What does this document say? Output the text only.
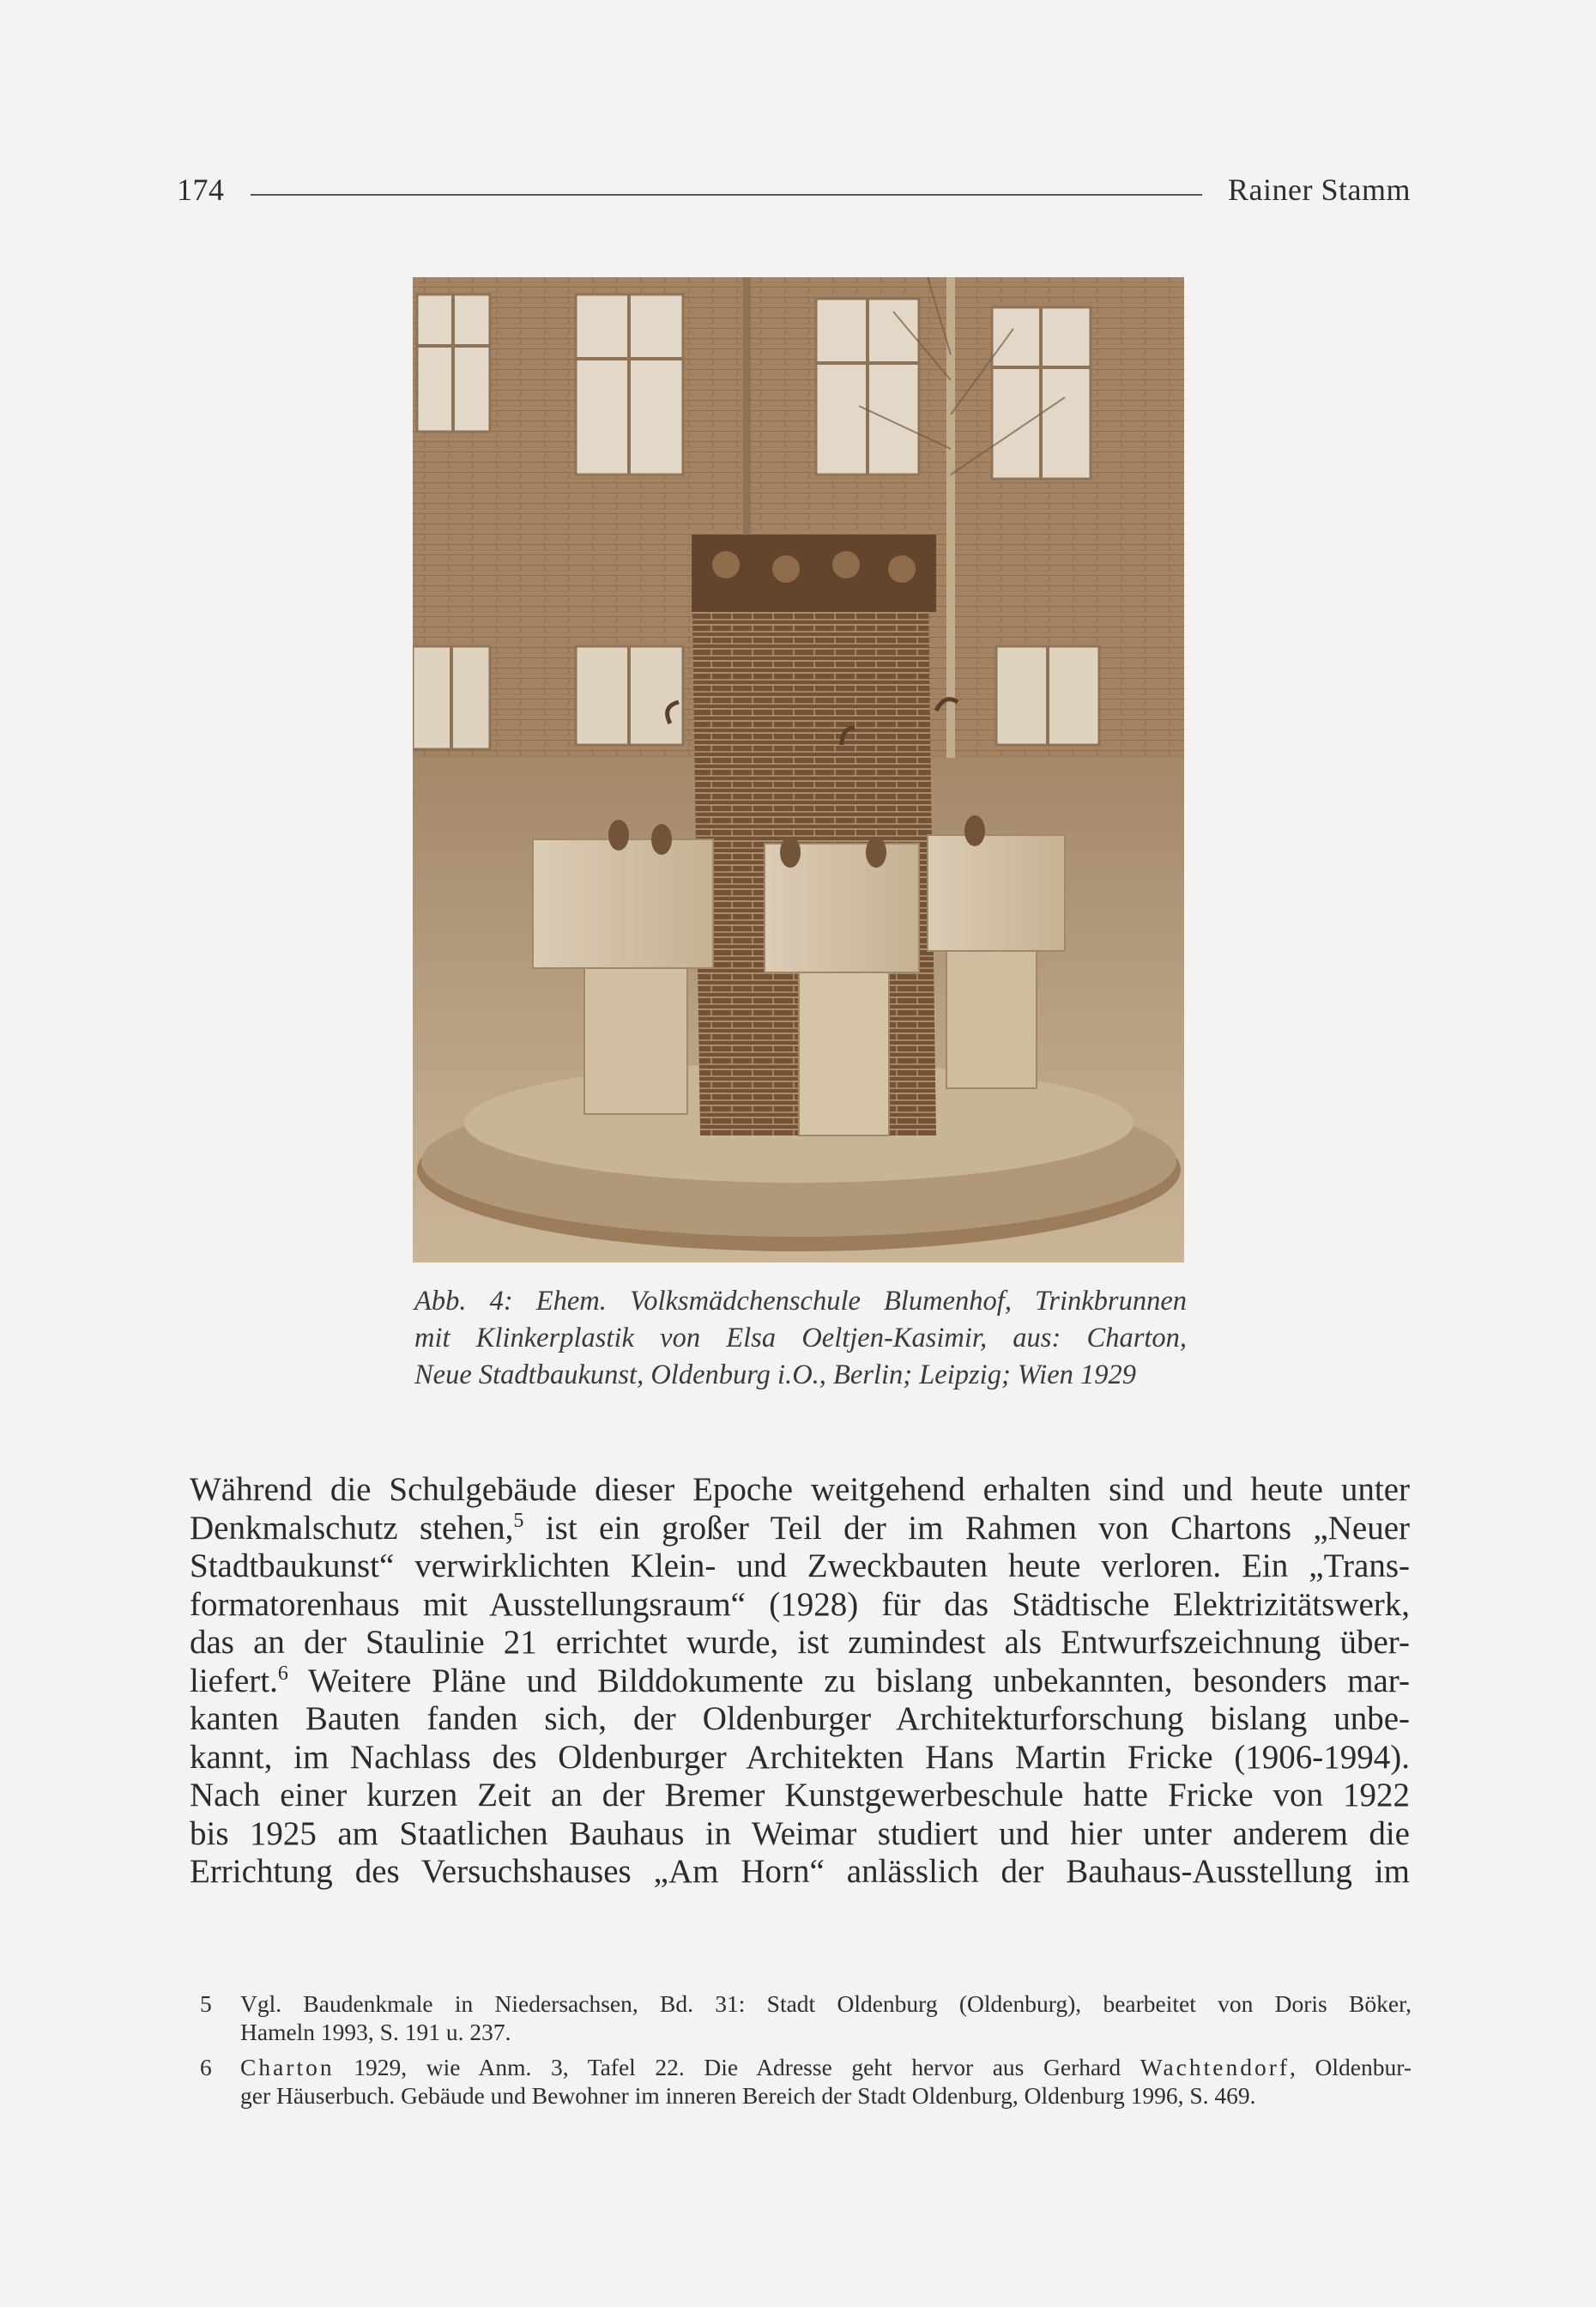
174	Rainer Stamm
Abb. 4: Ehem. Volksmädchenschule Blumenhof, Trinkbrunnen
mit Klinkerplastik von Elsa Oeltjen-Kasimir, aus: Charton,
Neue Stadtbaukunst, Oldenburg i.O., Berlin; Leipzig; Wien 1929
Während die Schulgebäude dieser Epoche weitgehend erhalten sind und heute unter
Denkmalschutz stehen,$^5$ ist ein großer Teil der im Rahmen von Chartons „Neuer
Stadtbaukunst“ verwirklichten Klein- und Zweckbauten heute verloren. Ein „Trans-
formatorenhaus mit Ausstellungsraum“ (1928) für das Städtische Elektrizitätswerk,
das an der Staulinie 21 errichtet wurde, ist zumindest als Entwurfszeichnung über-
liefert.$^6$ Weitere Pläne und Bilddokumente zu bislang unbekannten, besonders mar-
kanten Bauten fanden sich, der Oldenburger Architekturforschung bislang unbe-
kannt, im Nachlass des Oldenburger Architekten Hans Martin Fricke (1906-1994).
Nach einer kurzen Zeit an der Bremer Kunstgewerbeschule hatte Fricke von 1922
bis 1925 am Staatlichen Bauhaus in Weimar studiert und hier unter anderem die
Errichtung des Versuchshauses „Am Horn“ anlässlich der Bauhaus-Ausstellung im
5	Vgl. Baudenkmale in Niedersachsen, Bd. 31: Stadt Oldenburg (Oldenburg), bearbeitet von Doris Böker,
Hameln 1993, S. 191 u. 237.
6	Charton 1929, wie Anm. 3, Tafel 22. Die Adresse geht hervor aus Gerhard Wachtendorf, Oldenbur-
ger Häuserbuch. Gebäude und Bewohner im inneren Bereich der Stadt Oldenburg, Oldenburg 1996, S. 469.
